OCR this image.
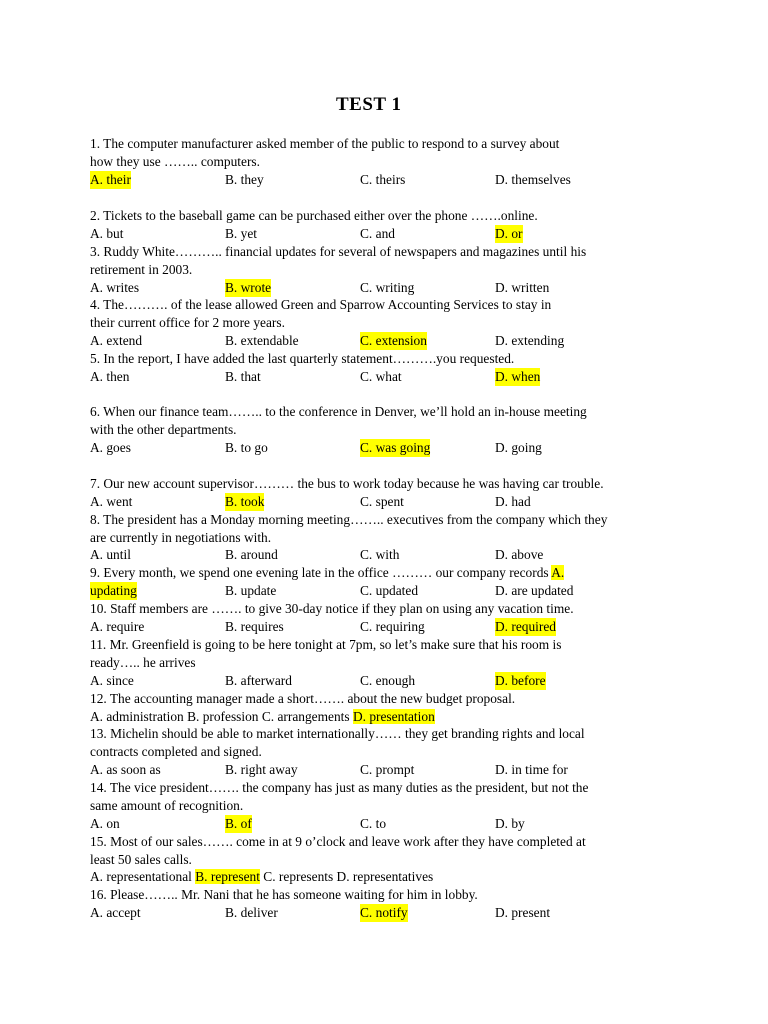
TEST 1
1. The computer manufacturer asked member of the public to respond to a survey about
how they use …….. computers.
A. their	B. they	C. theirs	D. themselves
2. Tickets to the baseball game can be purchased either over the phone …….online.
A. but	B. yet	C. and	D. or
3. Ruddy White……….. financial updates for several of newspapers and magazines until his
retirement in 2003.
A. writes	B. wrote	C. writing	D. written
4. The………. of the lease allowed Green and Sparrow Accounting Services to stay in
their current office for 2 more years.
A. extend	B. extendable	C. extension	D. extending
5. In the report, I have added the last quarterly statement……….you requested.
A. then	B. that	C. what	D. when
6. When our finance team…….. to the conference in Denver, we’ll hold an in-house meeting
with the other departments.
A. goes	B. to go	C. was going	D. going
7. Our new account supervisor……… the bus to work today because he was having car trouble.
A. went	B. took	C. spent	D. had
8. The president has a Monday morning meeting…….. executives from the company which they
are currently in negotiations with.
A. until	B. around	C. with	D. above
9. Every month, we spend one evening late in the office ……… our company records A.
updating	B. update	C. updated	D. are updated
10. Staff members are ……. to give 30-day notice if they plan on using any vacation time.
A. require	B. requires	C. requiring	D. required
11. Mr. Greenfield is going to be here tonight at 7pm, so let’s make sure that his room is
ready….. he arrives
A. since	B. afterward	C. enough	D. before
12. The accounting manager made a short……. about the new budget proposal.
A. administration B. profession C. arrangements D. presentation
13. Michelin should be able to market internationally…… they get branding rights and local
contracts completed and signed.
A. as soon as	B. right away	C. prompt	D. in time for
14. The vice president……. the company has just as many duties as the president, but not the
same amount of recognition.
A. on	B. of	C. to	D. by
15. Most of our sales……. come in at 9 o’clock and leave work after they have completed at
least 50 sales calls.
A. representational B. represent C. represents D. representatives
16. Please…….. Mr. Nani that he has someone waiting for him in lobby.
A. accept	B. deliver	C. notify	D. present
